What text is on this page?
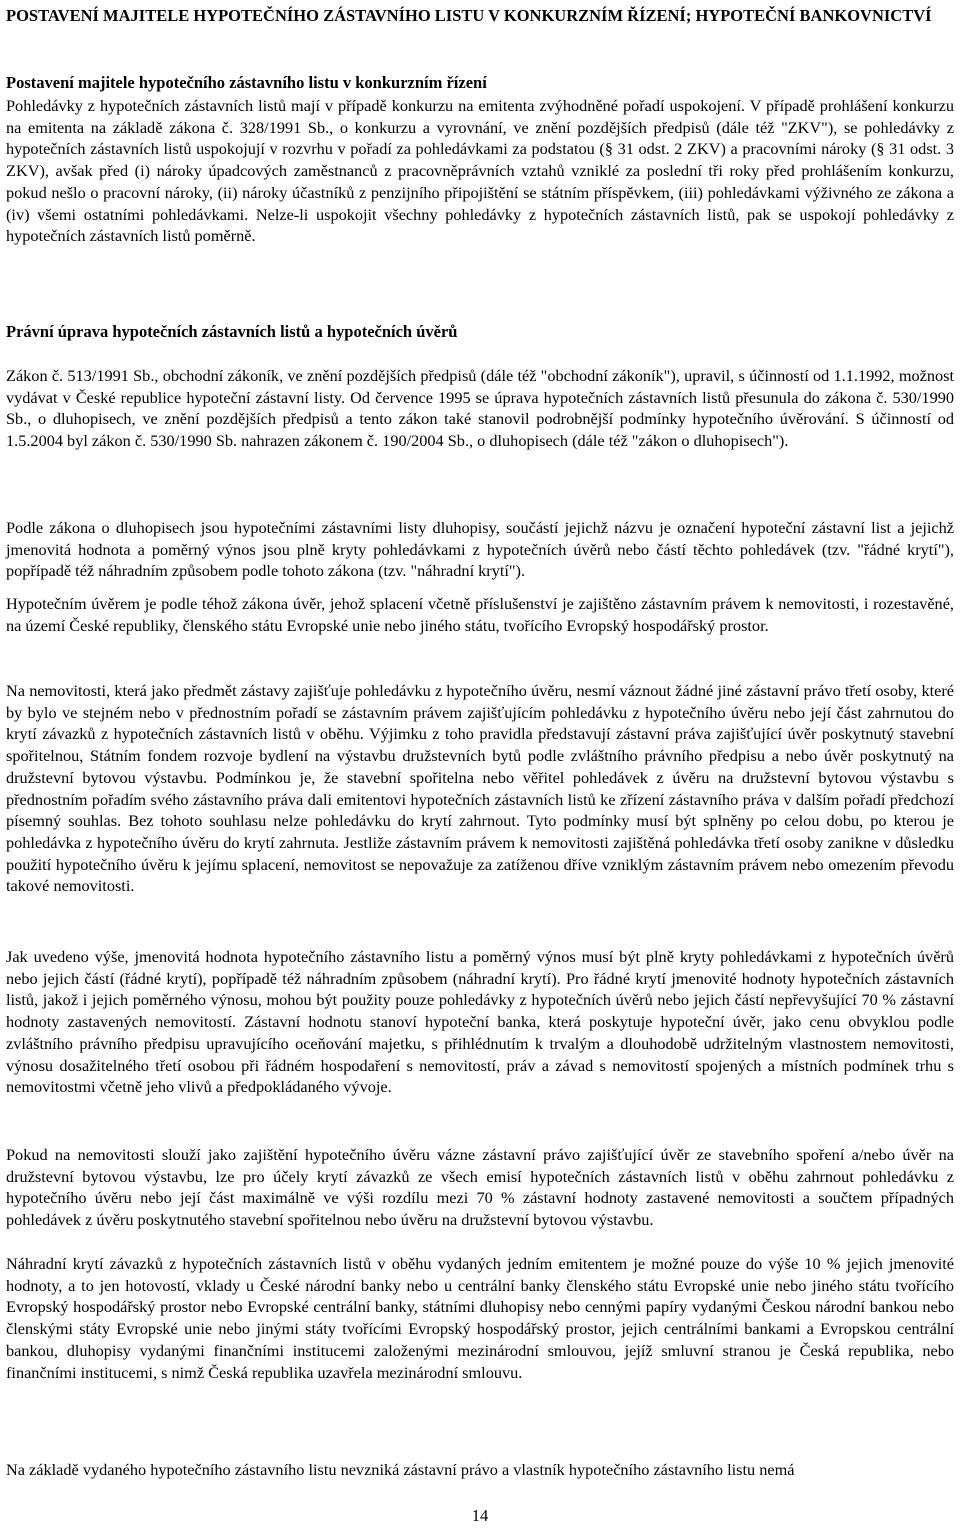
POSTAVENÍ MAJITELE HYPOTEČNÍHO ZÁSTAVNÍHO LISTU V KONKURZNÍM ŘÍZENÍ; HYPOTEČNÍ BANKOVNICTVÍ
Postavení majitele hypotečního zástavního listu v konkurzním řízení

Pohledávky z hypotečních zástavních listů mají v případě konkurzu na emitenta zvýhodněné pořadí uspokojení. V případě prohlášení konkurzu na emitenta na základě zákona č. 328/1991 Sb., o konkurzu a vyrovnání, ve znění pozdějších předpisů (dále též "ZKV"), se pohledávky z hypotečních zástavních listů uspokojují v rozvrhu v pořadí za pohledávkami za podstatou (§ 31 odst. 2 ZKV) a pracovními nároky (§ 31 odst. 3 ZKV), avšak před (i) nároky úpadcových zaměstnanců z pracovněprávních vztahů vzniklé za poslední tři roky před prohlášením konkurzu, pokud nešlo o pracovní nároky, (ii) nároky účastníků z penzijního připojištění se státním příspěvkem, (iii) pohledávkami výživného ze zákona a (iv) všemi ostatními pohledávkami. Nelze-li uspokojit všechny pohledávky z hypotečních zástavních listů, pak se uspokojí pohledávky z hypotečních zástavních listů poměrně.

Právní úprava hypotečních zástavních listů a hypotečních úvěrů

Zákon č. 513/1991 Sb., obchodní zákoník, ve znění pozdějších předpisů (dále též "obchodní zákoník"), upravil, s účinností od 1.1.1992, možnost vydávat v České republice hypoteční zástavní listy. Od července 1995 se úprava hypotečních zástavních listů přesunula do zákona č. 530/1990 Sb., o dluhopisech, ve znění pozdějších předpisů a tento zákon také stanovil podrobnější podmínky hypotečního úvěrování. S účinností od 1.5.2004 byl zákon č. 530/1990 Sb. nahrazen zákonem č. 190/2004 Sb., o dluhopisech (dále též "zákon o dluhopisech").

Podle zákona o dluhopisech jsou hypotečními zástavními listy dluhopisy, součástí jejichž názvu je označení hypoteční zástavní list a jejichž jmenovitá hodnota a poměrný výnos jsou plně kryty pohledávkami z hypotečních úvěrů nebo částí těchto pohledávek (tzv. "řádné krytí"), popřípadě též náhradním způsobem podle tohoto zákona (tzv. "náhradní krytí").

Hypotečním úvěrem je podle téhož zákona úvěr, jehož splacení včetně příslušenství je zajištěno zástavním právem k nemovitosti, i rozestavěné, na území České republiky, členského státu Evropské unie nebo jiného státu, tvořícího Evropský hospodářský prostor.

Na nemovitosti, která jako předmět zástavy zajišťuje pohledávku z hypotečního úvěru, nesmí váznout žádné jiné zástavní právo třetí osoby, které by bylo ve stejném nebo v přednostním pořadí se zástavním právem zajišťujícím pohledávku z hypotečního úvěru nebo její část zahrnutou do krytí závazků z hypotečních zástavních listů v oběhu. Výjimku z toho pravidla představují zástavní práva zajišťující úvěr poskytnutý stavební spořitelnou, Státním fondem rozvoje bydlení na výstavbu družstevních bytů podle zvláštního právního předpisu a nebo úvěr poskytnutý na družstevní bytovou výstavbu. Podmínkou je, že stavební spořitelna nebo věřitel pohledávek z úvěru na družstevní bytovou výstavbu s přednostním pořadím svého zástavního práva dali emitentovi hypotečních zástavních listů ke zřízení zástavního práva v dalším pořadí předchozí písemný souhlas. Bez tohoto souhlasu nelze pohledávku do krytí zahrnout. Tyto podmínky musí být splněny po celou dobu, po kterou je pohledávka z hypotečního úvěru do krytí zahrnuta. Jestliže zástavním právem k nemovitosti zajištěná pohledávka třetí osoby zanikne v důsledku použití hypotečního úvěru k jejímu splacení, nemovitost se nepovažuje za zatíženou dříve vzniklým zástavním právem nebo omezením převodu takové nemovitosti.

Jak uvedeno výše, jmenovitá hodnota hypotečního zástavního listu a poměrný výnos musí být plně kryty pohledávkami z hypotečních úvěrů nebo jejich částí (řádné krytí), popřípadě též náhradním způsobem (náhradní krytí). Pro řádné krytí jmenovité hodnoty hypotečních zástavních listů, jakož i jejich poměrného výnosu, mohou být použity pouze pohledávky z hypotečních úvěrů nebo jejich částí nepřevyšující 70 % zástavní hodnoty zastavených nemovitostí. Zástavní hodnotu stanoví hypoteční banka, která poskytuje hypoteční úvěr, jako cenu obvyklou podle zvláštního právního předpisu upravujícího oceňování majetku, s přihlédnutím k trvalým a dlouhodobě udržitelným vlastnostem nemovitosti, výnosu dosažitelného třetí osobou při řádném hospodaření s nemovitostí, práv a závad s nemovitostí spojených a místních podmínek trhu s nemovitostmi včetně jeho vlivů a předpokládaného vývoje.

Pokud na nemovitosti slouží jako zajištění hypotečního úvěru vázne zástavní právo zajišťující úvěr ze stavebního spoření a/nebo úvěr na družstevní bytovou výstavbu, lze pro účely krytí závazků ze všech emisí hypotečních zástavních listů v oběhu zahrnout pohledávku z hypotečního úvěru nebo její část maximálně ve výši rozdílu mezi 70 % zástavní hodnoty zastavené nemovitosti a součtem případných pohledávek z úvěru poskytnutého stavební spořitelnou nebo úvěru na družstevní bytovou výstavbu.

Náhradní krytí závazků z hypotečních zástavních listů v oběhu vydaných jedním emitentem je možné pouze do výše 10 % jejich jmenovité hodnoty, a to jen hotovostí, vklady u České národní banky nebo u centrální banky členského státu Evropské unie nebo jiného státu tvořícího Evropský hospodářský prostor nebo Evropské centrální banky, státními dluhopisy nebo cennými papíry vydanými Českou národní bankou nebo členskými státy Evropské unie nebo jinými státy tvořícími Evropský hospodářský prostor, jejich centrálními bankami a Evropskou centrální bankou, dluhopisy vydanými finančními institucemi založenými mezinárodní smlouvou, jejíž smluvní stranou je Česká republika, nebo finančními institucemi, s nimž Česká republika uzavřela mezinárodní smlouvu.

Na základě vydaného hypotečního zástavního listu nevzniká zástavní právo a vlastník hypotečního zástavního listu nemá

14
